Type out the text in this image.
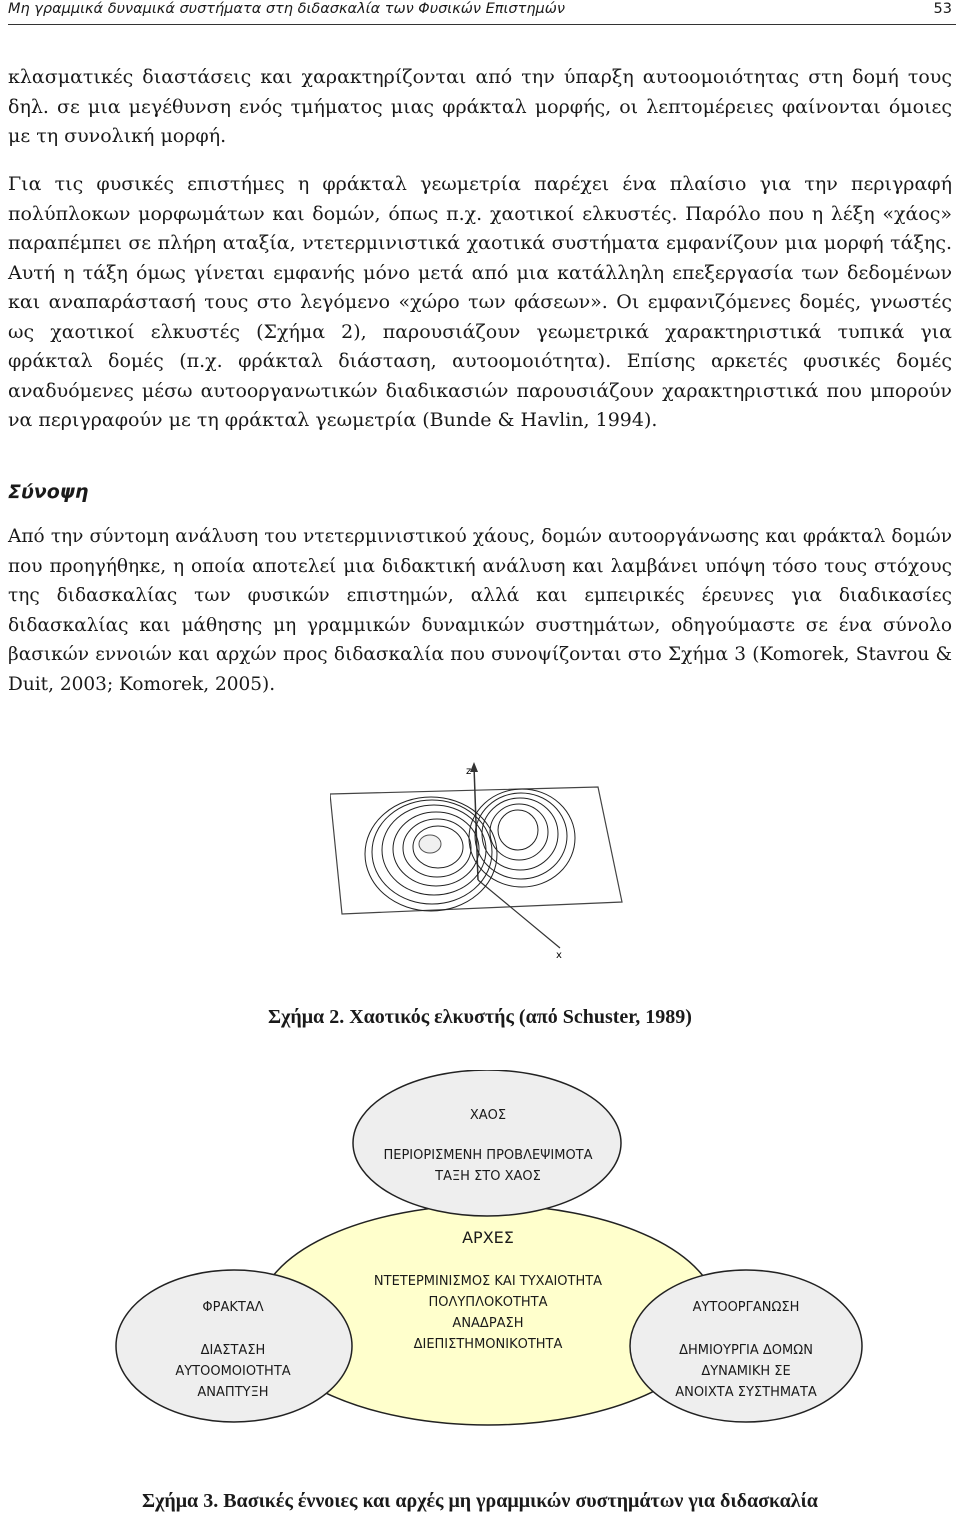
Μη γραμμικά δυναμικά συστήματα στη διδασκαλία των Φυσικών Επιστημών	53

κλασματικές διαστάσεις και χαρακτηρίζονται από την ύπαρξη αυτοομοιότητας στη δομή τους δηλ. σε μια μεγέθυνση ενός τμήματος μιας φράκταλ μορφής, οι λεπτομέρειες φαίνονται όμοιες με τη συνολική μορφή.

Για τις φυσικές επιστήμες η φράκταλ γεωμετρία παρέχει ένα πλαίσιο για την περιγραφή πολύπλοκων μορφωμάτων και δομών, όπως π.χ. χαοτικοί ελκυστές. Παρόλο που η λέξη «χάος» παραπέμπει σε πλήρη αταξία, ντετερμινιστικά χαοτικά συστήματα εμφανίζουν μια μορφή τάξης. Αυτή η τάξη όμως γίνεται εμφανής μόνο μετά από μια κατάλληλη επεξεργασία των δεδομένων και αναπαράστασή τους στο λεγόμενο «χώρο των φάσεων». Οι εμφανιζόμενες δομές, γνωστές ως χαοτικοί ελκυστές (Σχήμα 2), παρουσιάζουν γεωμετρικά χαρακτηριστικά τυπικά για φράκταλ δομές (π.χ. φράκταλ διάσταση, αυτοομοιότητα). Επίσης αρκετές φυσικές δομές αναδυόμενες μέσω αυτοοργανωτικών διαδικασιών παρουσιάζουν χαρακτηριστικά που μπορούν να περιγραφούν με τη φράκταλ γεωμετρία (Bunde & Havlin, 1994).

Σύνοψη

Από την σύντομη ανάλυση του ντετερμινιστικού χάους, δομών αυτοοργάνωσης και φράκταλ δομών που προηγήθηκε, η οποία αποτελεί μια διδακτική ανάλυση και λαμβάνει υπόψη τόσο τους στόχους της διδασκαλίας των φυσικών επιστημών, αλλά και εμπειρικές έρευνες για διαδικασίες διδασκαλίας και μάθησης μη γραμμικών δυναμικών συστημάτων, οδηγούμαστε σε ένα σύνολο βασικών εννοιών και αρχών προς διδασκαλία που συνοψίζονται στο Σχήμα 3 (Komorek, Stavrou & Duit, 2003; Komorek, 2005).

z
x
Σχήμα 2. Χαοτικός ελκυστής (από Schuster, 1989)
ΧΑΟΣ
ΠΕΡΙΟΡΙΣΜΕΝΗ ΠΡΟΒΛΕΨΙΜΟΤΑ
ΤΑΞΗ ΣΤΟ ΧΑΟΣ
ΑΡΧΕΣ
ΝΤΕΤΕΡΜΙΝΙΣΜΟΣ ΚΑΙ ΤΥΧΑΙΟΤΗΤΑ
ΠΟΛΥΠΛΟΚΟΤΗΤΑ
ΑΝΑΔΡΑΣΗ
ΔΙΕΠΙΣΤΗΜΟΝΙΚΟΤΗΤΑ
ΦΡΑΚΤΑΛ
ΔΙΑΣΤΑΣΗ
ΑΥΤΟΟΜΟΙΟΤΗΤΑ
ΑΝΑΠΤΥΞΗ
ΑΥΤΟΟΡΓΑΝΩΣΗ
ΔΗΜΙΟΥΡΓΙΑ ΔΟΜΩΝ
ΔΥΝΑΜΙΚΗ ΣΕ
ΑΝΟΙΧΤΑ ΣΥΣΤΗΜΑΤΑ
Σχήμα 3. Βασικές έννοιες και αρχές μη γραμμικών συστημάτων για διδασκαλία
